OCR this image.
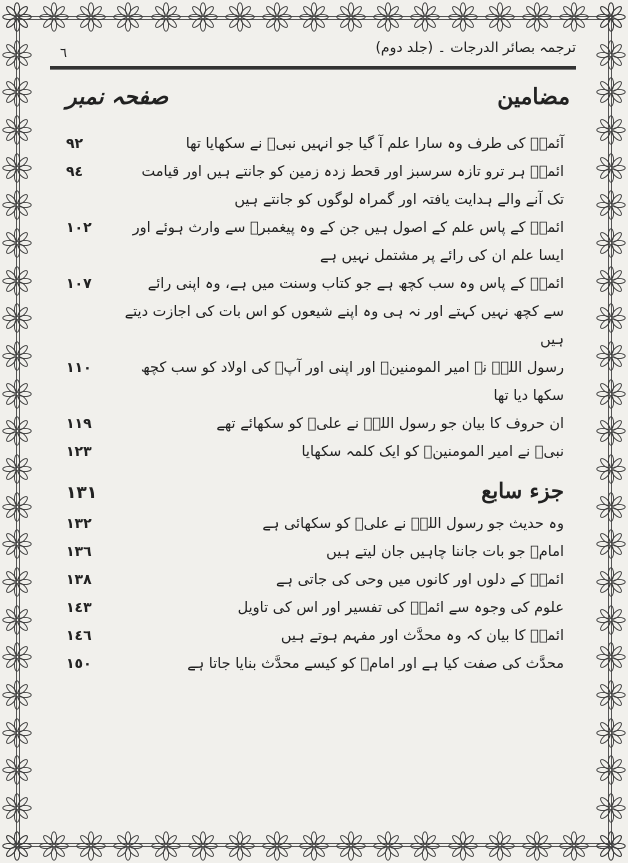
ترجمہ بصائر الدرجات ۔ (جلد دوم)
٦
مضامین
صفحہ نمبر
آئمہؑ کی طرف وہ سارا علم آ گیا جو انہیں نبیؐ نے سکھایا تھا
٩٢
ائمہؑ ہر ترو تازہ سرسبز اور قحط زدہ زمین کو جانتے ہیں اور قیامت تک آنے والے ہدایت یافتہ اور گمراہ لوگوں کو جانتے ہیں
٩٤
ائمہؑ کے پاس علم کے اصول ہیں جن کے وہ پیغمبرؐ سے وارث ہوئے اور ایسا علم ان کی رائے پر مشتمل نہیں ہے
١٠٢
ائمہؑ کے پاس وہ سب کچھ ہے جو کتاب وسنت میں ہے، وہ اپنی رائے سے کچھ نہیں کہتے اور نہ ہی وہ اپنے شیعوں کو اس بات کی اجازت دیتے ہیں
١٠٧
رسول اللہؐ نے امیر المومنینؑ اور اپنی اور آپؑ کی اولاد کو سب کچھ سکھا دیا تھا
١١٠
ان حروف کا بیان جو رسول اللہؐ نے علیؑ کو سکھائے تھے
١١٩
نبیؐ نے امیر المومنینؑ کو ایک کلمہ سکھایا
١٢٣
جزء سابع
١٣١
وہ حدیث جو رسول اللہؐ نے علیؑ کو سکھائی ہے
١٣٢
امامؑ جو بات جاننا چاہیں جان لیتے ہیں
١٣٦
ائمہؑ کے دلوں اور کانوں میں وحی کی جاتی ہے
١٣٨
علوم کی وجوہ سے ائمہؑ کی تفسیر اور اس کی تاویل
١٤٣
ائمہؑ کا بیان کہ وہ محدَّث اور مفہم ہوتے ہیں
١٤٦
محدَّث کی صفت کیا ہے اور امامؑ کو کیسے محدَّث بنایا جاتا ہے
١٥٠
